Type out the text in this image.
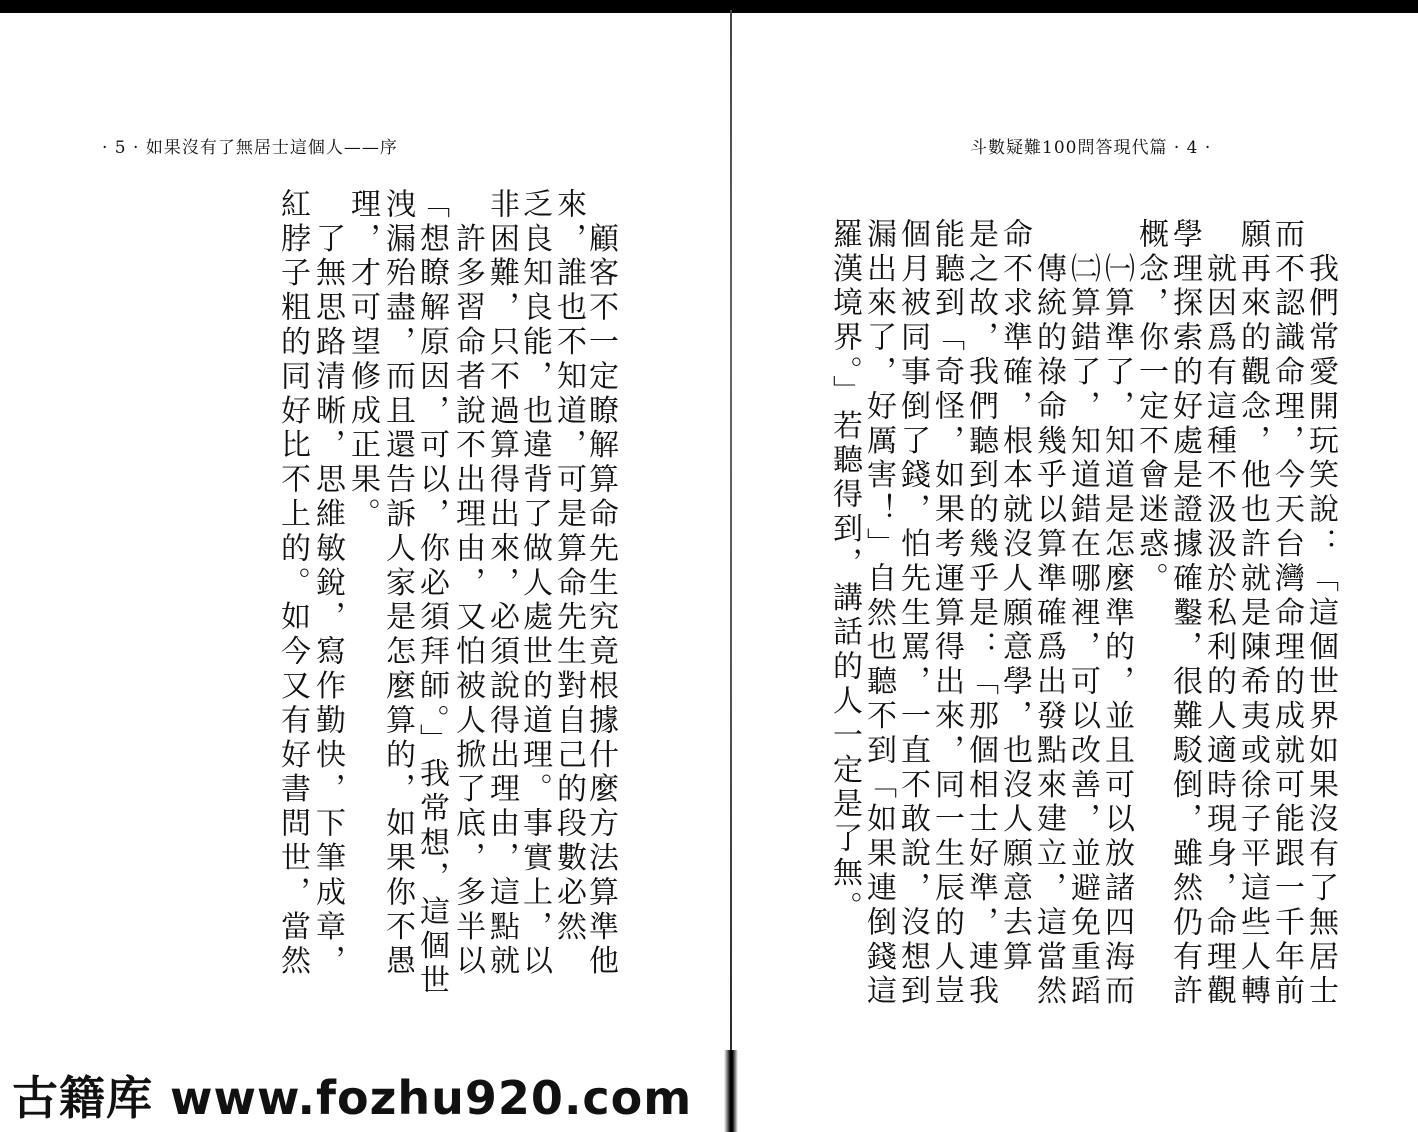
· 5 · 如果沒有了無居士這個人——序
　顧客不一定瞭解算命先生究竟根據什麼方法算準他
來，誰也不知道，可是算命先生對自己的段數必然
乏良知良能，也違背了做人處世的道理。事實上，以
非困難，只不過算得出來，必須說得出理由，這點就
　許多習命者說不出理由，又怕被人掀了底，多半以
「想瞭解原因，可以，你必須拜師。」我常想，這個世
洩漏殆盡，而且還告訴人家是怎麼算的，如果你不愚
理，才可望修成正果。
　了無思路清晰，思維敏銳，寫作勤快，下筆成章，
紅脖子粗的同好比不上的。如今又有好書問世，當然
斗數疑難100問答現代篇 · 4 ·
　我們常愛開玩笑說：「這個世界如果沒有了無居士
而不認識命理，今天台灣命理的成就可能跟一千年前
願再來的觀念，他也許就是陳希夷或徐子平這些人轉
　就因爲有這種不汲汲於私利的人適時現身，命理觀
學理探索的好處是證據確鑿，很難駁倒，雖然仍有許
概念，你一定不會迷惑。
　㈠算準了，知道是怎麼準的，並且可以放諸四海而
　㈡算錯了，知道錯在哪裡，可以改善，並避免重蹈
　傳統的祿命幾乎以算準確爲出發點來建立，這當然
命不求準確，根本就沒人願意學，也沒人願意去算
是之故，我們聽到的幾乎是：「那個相士好準，連我
能聽到「奇怪，如果考運算得出來，同一生辰的人豈
個月被同事倒了錢，怕先生罵，一直不敢說，沒想到
漏出來了，好厲害！」自然也聽不到「如果連倒錢這
羅漢境界。」若聽得到，講話的人一定是了無。
古籍库 www.fozhu920.com
